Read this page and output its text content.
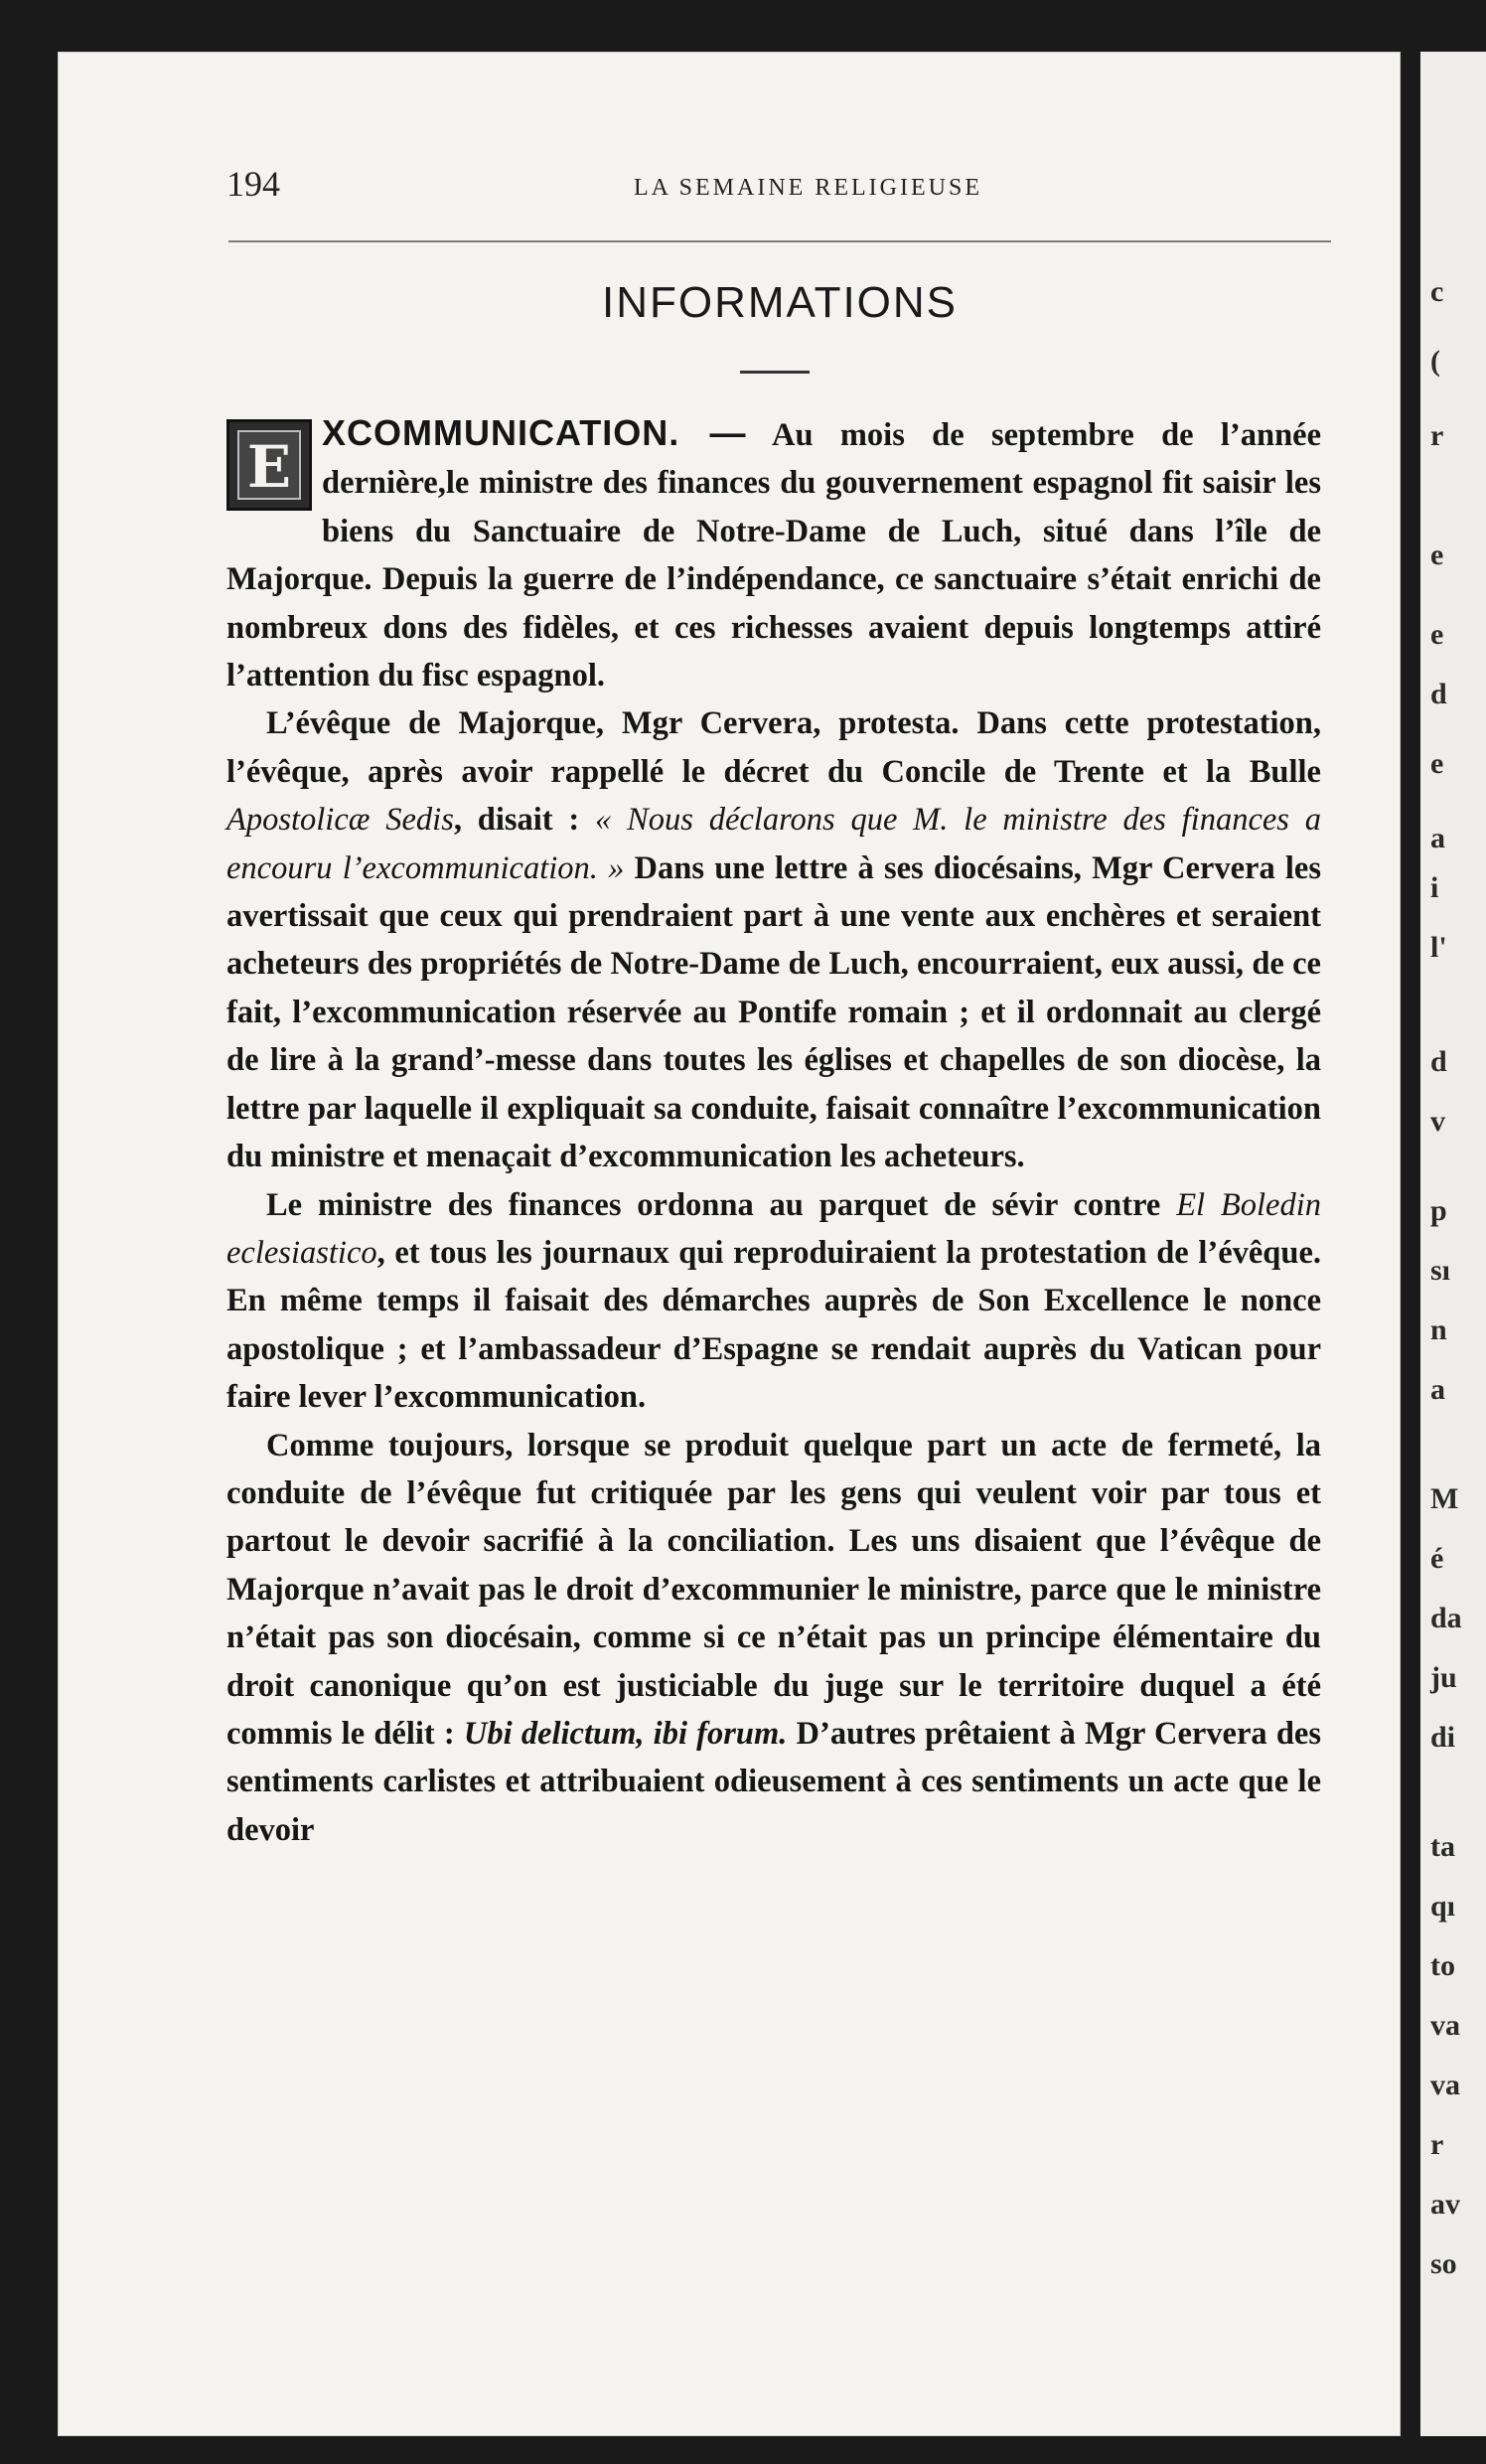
194	LA SEMAINE RELIGIEUSE
INFORMATIONS

E
XCOMMUNICATION. — Au mois de septembre de l’année dernière,le ministre des finances du gouvernement espagnol fit saisir les biens du Sanctuaire de Notre-Dame de Luch, situé dans l’île de Majorque. Depuis la guerre de l’indépendance, ce sanctuaire s’était enrichi de nombreux dons des fidèles, et ces richesses avaient depuis longtemps attiré l’attention du fisc espagnol.

L’évêque de Majorque, Mgr Cervera, protesta. Dans cette protestation, l’évêque, après avoir rappellé le décret du Concile de Trente et la Bulle Apostolicæ Sedis, disait : « Nous déclarons que M. le ministre des finances a encouru l’excommunication. » Dans une lettre à ses diocésains, Mgr Cervera les avertissait que ceux qui prendraient part à une vente aux enchères et seraient acheteurs des propriétés de Notre-Dame de Luch, encourraient, eux aussi, de ce fait, l’excommunication réservée au Pontife romain ; et il ordonnait au clergé de lire à la grand’-messe dans toutes les églises et chapelles de son diocèse, la lettre par laquelle il expliquait sa conduite, faisait connaître l’excommunication du ministre et menaçait d’excommunication les acheteurs.

Le ministre des finances ordonna au parquet de sévir contre El Boledin eclesiastico, et tous les journaux qui reproduiraient la protestation de l’évêque. En même temps il faisait des démarches auprès de Son Excellence le nonce apostolique ; et l’ambassadeur d’Espagne se rendait auprès du Vatican pour faire lever l’excommunication.

Comme toujours, lorsque se produit quelque part un acte de fermeté, la conduite de l’évêque fut critiquée par les gens qui veulent voir par tous et partout le devoir sacrifié à la conciliation. Les uns disaient que l’évêque de Majorque n’avait pas le droit d’excommunier le ministre, parce que le ministre n’était pas son diocésain, comme si ce n’était pas un principe élémentaire du droit canonique qu’on est justiciable du juge sur le territoire duquel a été commis le délit : Ubi delictum, ibi forum. D’autres prêtaient à Mgr Cervera des sentiments carlistes et attribuaient odieusement à ces sentiments un acte que le devoir

c
(
r
e
e
d
e
a
i
l'
d
v
p
sı
n
a
M
é
da
ju
di
ta
qı
to
va
va
r
av
so
